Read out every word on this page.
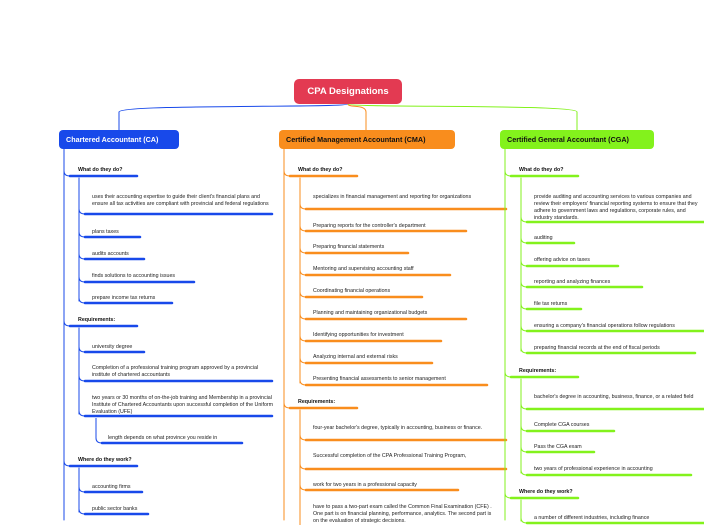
CPA Designations
Chartered Accountant (CA)	Certified Management Accountant (CMA)	Certified General Accountant (CGA)
What do they do?
uses their accounting expertise to guide their client's financial plans and ensure all tax activities are compliant with provincial and federal regulations
plans taxes
audits accounts
finds solutions to accounting issues
prepare income tax returns
Requirements:
university degree
Completion of a professional training program approved by a provincial institute of chartered accountants
two years or 30 months of on-the-job training and Membership in a provincial Institute of Chartered Accountants upon successful completion of the Uniform Evaluation (UFE)
length depends on what province you reside in
Where do they work?
accounting firms
public sector banks
What do they do?
specializes in financial management and reporting for organizations
Preparing reports for the controller's department
Preparing financial statements
Mentoring and supervising accounting staff
Coordinating financial operations
Planning and maintaining organizational budgets
Identifying opportunities for investment
Analyzing internal and external risks
Presenting financial assessments to senior management
Requirements:
four-year bachelor's degree, typically in accounting, business or finance.
Successful completion of the CPA Professional Training Program,
work for two years in a professional capacity
have to pass a two-part exam called the Common Final Examination (CFE) . One part is on financial planning, performance, analytics. The second part is on the evaluation of strategic decisions.
What do they do?
provide auditing and accounting services to various companies and review their employers' financial reporting systems to ensure that they adhere to government laws and regulations, corporate rules, and industry standards.
auditing
offering advice on taxes
reporting and analyzing finances
file tax returns
ensuring a company's financial operations follow regulations
preparing financial records at the end of fiscal periods
Requirements:
bachelor's degree in accounting, business, finance, or a related field
Complete CGA courses
Pass the CGA exam
two years of professional experience in accounting
Where do they work?
a number of different industries, including finance
